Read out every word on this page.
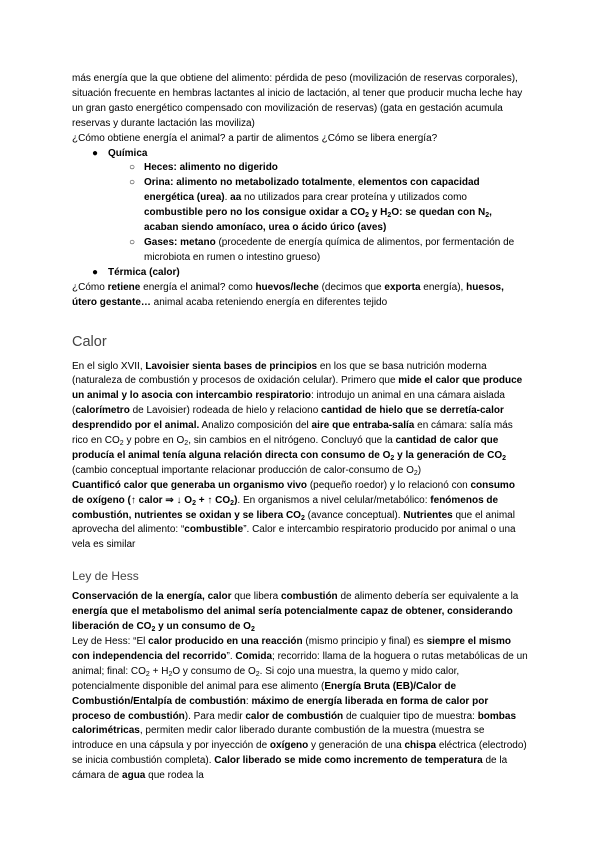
más energía que la que obtiene del alimento: pérdida de peso (movilización de reservas corporales), situación frecuente en hembras lactantes al inicio de lactación, al tener que producir mucha leche hay un gran gasto energético compensado con movilización de reservas) (gata en gestación acumula reservas y durante lactación las moviliza)

¿Cómo obtiene energía el animal? a partir de alimentos ¿Cómo se libera energía?

● Química
○ Heces: alimento no digerido
○ Orina: alimento no metabolizado totalmente, elementos con capacidad energética (urea). aa no utilizados para crear proteína y utilizados como combustible pero no los consigue oxidar a $CO_2$ y $H_2O$: se quedan con $N_2$, acaban siendo amoníaco, urea o ácido úrico (aves)
○ Gases: metano (procedente de energía química de alimentos, por fermentación de microbiota en rumen o intestino grueso)
● Térmica (calor)

¿Cómo retiene energía el animal? como huevos/leche (decimos que exporta energía), huesos, útero gestante… animal acaba reteniendo energía en diferentes tejido

Calor

En el siglo XVII, Lavoisier sienta bases de principios en los que se basa nutrición moderna (naturaleza de combustión y procesos de oxidación celular). Primero que mide el calor que produce un animal y lo asocia con intercambio respiratorio: introdujo un animal en una cámara aislada (calorímetro de Lavoisier) rodeada de hielo y relaciono cantidad de hielo que se derretía-calor desprendido por el animal. Analizo composición del aire que entraba-salía en cámara: salía más rico en $CO_2$ y pobre en $O_2$, sin cambios en el nitrógeno. Concluyó que la cantidad de calor que producía el animal tenía alguna relación directa con consumo de $O_2$ y la generación de $CO_2$ (cambio conceptual importante relacionar producción de calor-consumo de $O_2$)

Cuantificó calor que generaba un organismo vivo (pequeño roedor) y lo relacionó con consumo de oxígeno (↑ calor ⇒ ↓ $O_2$ + ↑ $CO_2$). En organismos a nivel celular/metabólico: fenómenos de combustión, nutrientes se oxidan y se libera $CO_2$ (avance conceptual). Nutrientes que el animal aprovecha del alimento: “combustible”. Calor e intercambio respiratorio producido por animal o una vela es similar

Ley de Hess

Conservación de la energía, calor que libera combustión de alimento debería ser equivalente a la energía que el metabolismo del animal sería potencialmente capaz de obtener, considerando liberación de $CO_2$ y un consumo de $O_2$

Ley de Hess: “El calor producido en una reacción (mismo principio y final) es siempre el mismo con independencia del recorrido”. Comida; recorrido: llama de la hoguera o rutas metabólicas de un animal; final: $CO_2 + H_2O$ y consumo de $O_2$. Si cojo una muestra, la quemo y mido calor, potencialmente disponible del animal para ese alimento (Energía Bruta (EB)/Calor de Combustión/Entalpía de combustión: máximo de energía liberada en forma de calor por proceso de combustión). Para medir calor de combustión de cualquier tipo de muestra: bombas calorimétricas, permiten medir calor liberado durante combustión de la muestra (muestra se introduce en una cápsula y por inyección de oxígeno y generación de una chispa eléctrica (electrodo) se inicia combustión completa). Calor liberado se mide como incremento de temperatura de la cámara de agua que rodea la
